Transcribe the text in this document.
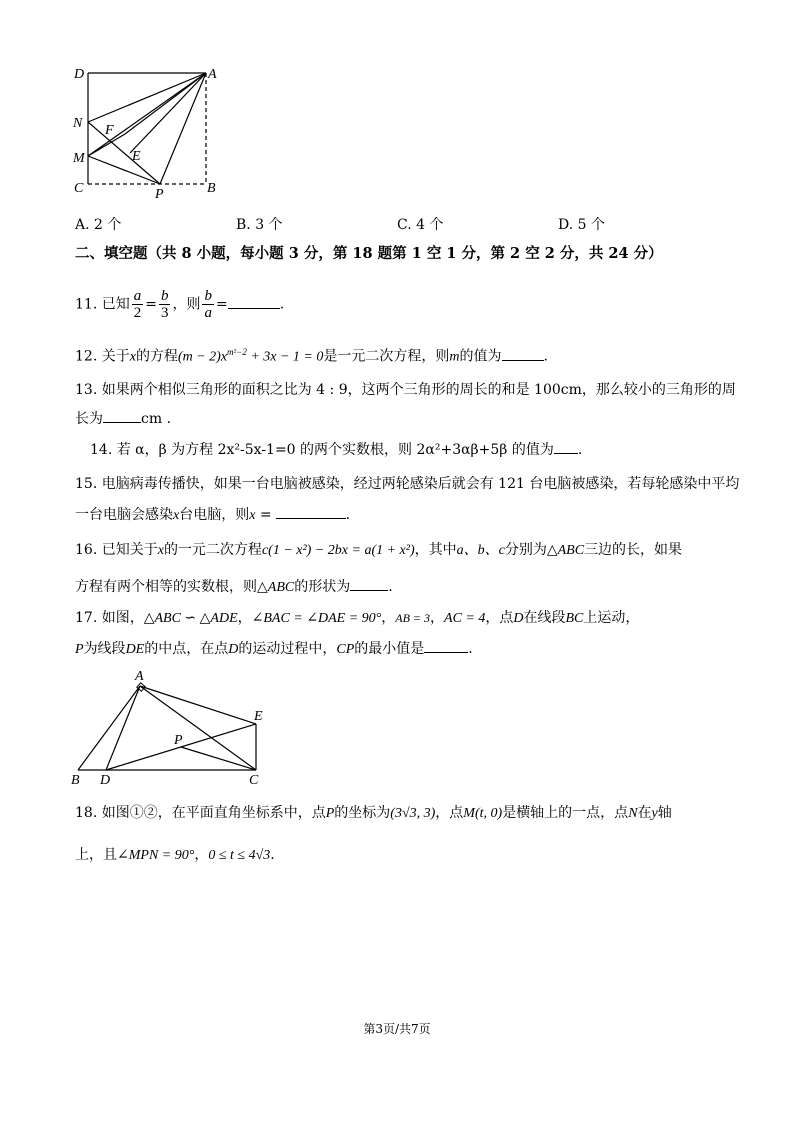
D	A
N F
M	E
C	P	B
A. 2 个	B. 3 个	C. 4 个	D. 5 个
二、填空题（共 8 小题，每小题 3 分，第 18 题第 1 空 1 分，第 2 空 2 分，共 24 分）
11. 已知 $\frac{a}{2} = \frac{b}{3}$ ，则 $\frac{b}{a}$ =	.
12. 关于x的方程$(m - 2)x^{m^2-2} + 3x - 1 = 0$是一元二次方程，则m的值为	.
13. 如果两个相似三角形的面积之比为 4 : 9，这两个三角形的周长的和是 100cm，那么较小的三角形的周
长为	cm .
14. 若 α，β 为方程 2x²-5x-1=0 的两个实数根，则 2α²+3αβ+5β 的值为 .
15. 电脑病毒传播快，如果一台电脑被感染，经过两轮感染后就会有 121 台电脑被感染，若每轮感染中平均
一台电脑会感染x台电脑，则x =	.
16. 已知关于x的一元二次方程c(1 − x²) − 2bx = a(1 + x²)，其中a、b、c分别为△ABC三边的长，如果
方程有两个相等的实数根，则△ABC的形状为	.
17. 如图，△ABC ∽ △ADE，∠BAC = ∠DAE = 90°，AB = 3，AC = 4，点D在线段BC上运动，
P为线段DE的中点，在点D的运动过程中，CP的最小值是	.
A
E
P
B D	C
18. 如图①②，在平面直角坐标系中，点P的坐标为(3√3, 3)，点M(t, 0)是横轴上的一点，点N在y轴
上，且∠MPN = 90°，0 ≤ t ≤ 4√3.
第3页/共7页
